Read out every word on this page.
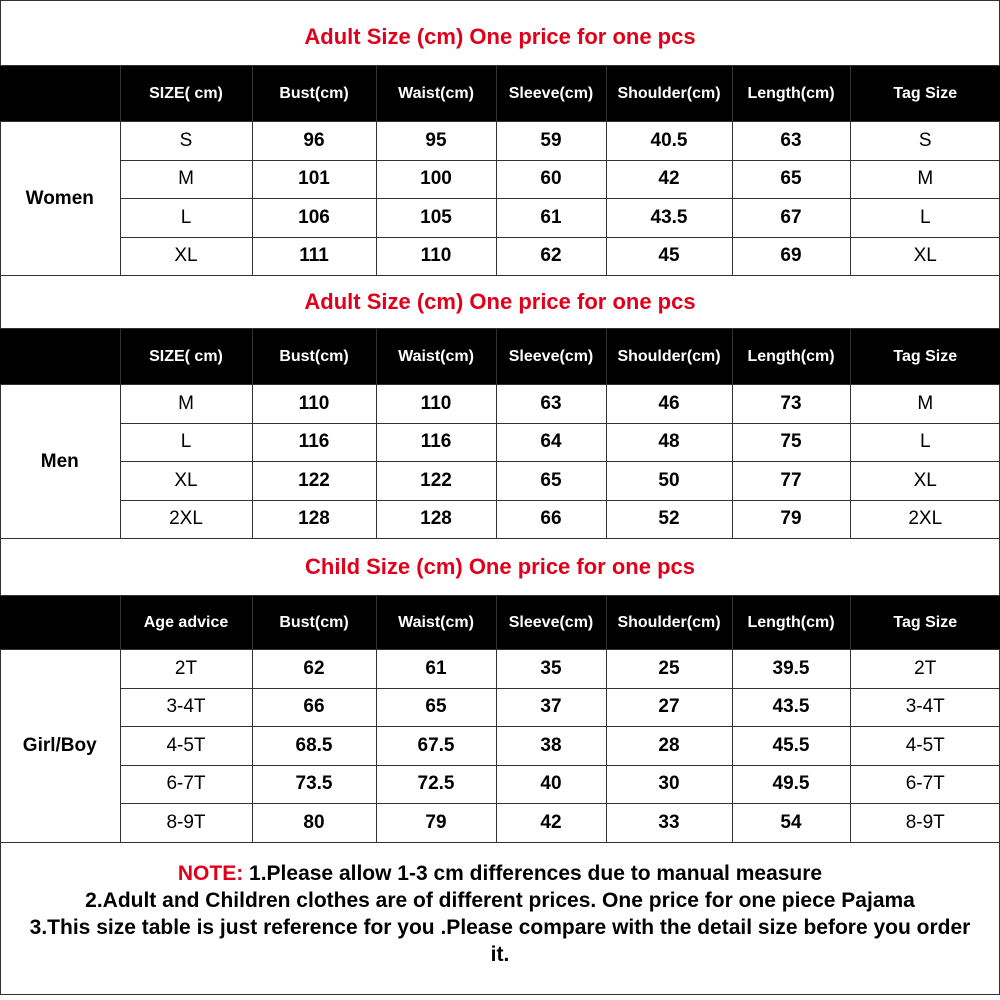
Adult Size (cm) One price for one pcs
	SIZE( cm)	Bust(cm)	Waist(cm)	Sleeve(cm)	Shoulder(cm)	Length(cm)	Tag Size
Women	S	96	95	59	40.5	63	S
	M	101	100	60	42	65	M
	L	106	105	61	43.5	67	L
	XL	111	110	62	45	69	XL
Adult Size (cm) One price for one pcs
	SIZE( cm)	Bust(cm)	Waist(cm)	Sleeve(cm)	Shoulder(cm)	Length(cm)	Tag Size
Men	M	110	110	63	46	73	M
	L	116	116	64	48	75	L
	XL	122	122	65	50	77	XL
	2XL	128	128	66	52	79	2XL
Child Size (cm) One price for one pcs
	Age advice	Bust(cm)	Waist(cm)	Sleeve(cm)	Shoulder(cm)	Length(cm)	Tag Size
Girl/Boy	2T	62	61	35	25	39.5	2T
	3-4T	66	65	37	27	43.5	3-4T
	4-5T	68.5	67.5	38	28	45.5	4-5T
	6-7T	73.5	72.5	40	30	49.5	6-7T
	8-9T	80	79	42	33	54	8-9T
NOTE: 1.Please allow 1-3 cm differences due to manual measure
2.Adult and Children clothes are of different prices. One price for one piece Pajama
3.This size table is just reference for you .Please compare with the detail size before you order it.
